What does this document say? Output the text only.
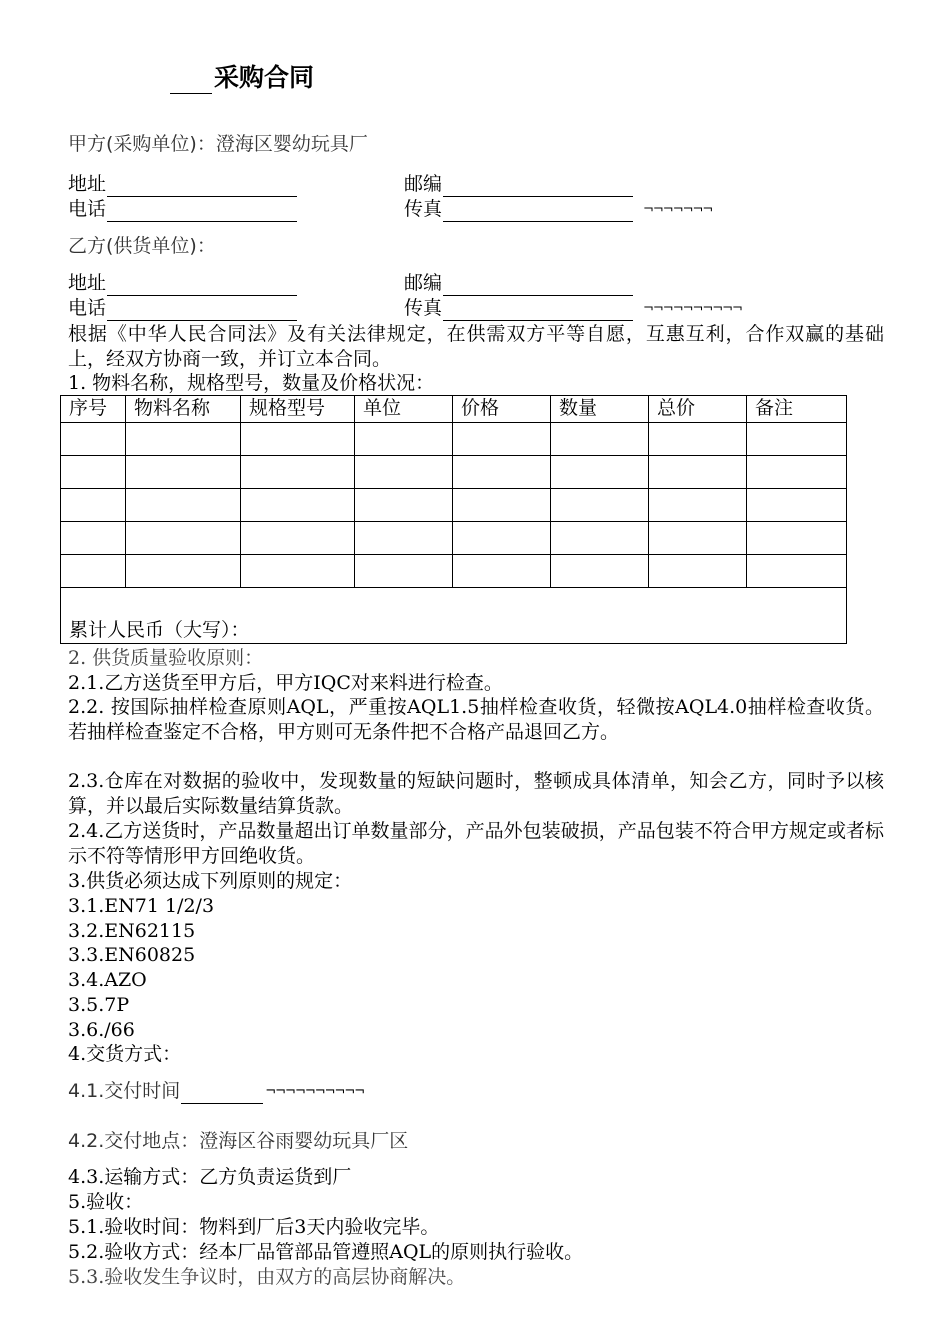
采购合同
甲方(采购单位)：澄海区婴幼玩具厂
地址	邮编
电话	传真	¬¬¬¬¬¬¬
乙方(供货单位)：
地址	邮编
电话	传真	¬¬¬¬¬¬¬¬¬¬
根据《中华人民合同法》及有关法律规定，在供需双方平等自愿，互惠互利，合作双赢的基础上，经双方协商一致，并订立本合同。
1. 物料名称，规格型号，数量及价格状况：
序号	物料名称	规格型号	单位	价格	数量	总价	备注

累计人民币（大写）：							
2. 供货质量验收原则：
2.1.乙方送货至甲方后，甲方IQC对来料进行检查。
2.2. 按国际抽样检查原则AQL，严重按AQL1.5抽样检查收货，轻微按AQL4.0抽样检查收货。若抽样检查鉴定不合格，甲方则可无条件把不合格产品退回乙方。
2.3.仓库在对数据的验收中，发现数量的短缺问题时，整顿成具体清单，知会乙方，同时予以核算，并以最后实际数量结算货款。
2.4.乙方送货时，产品数量超出订单数量部分，产品外包装破损，产品包装不符合甲方规定或者标示不符等情形甲方回绝收货。
3.供货必须达成下列原则的规定：
3.1.EN71 1/2/3
3.2.EN62115
3.3.EN60825
3.4.AZO
3.5.7P
3.6./66
4.交货方式：
4.1.交付时间	¬¬¬¬¬¬¬¬¬¬
4.2.交付地点：澄海区谷雨婴幼玩具厂区
4.3.运输方式：乙方负责运货到厂
5.验收：
5.1.验收时间：物料到厂后3天内验收完毕。
5.2.验收方式：经本厂品管部品管遵照AQL的原则执行验收。
5.3.验收发生争议时，由双方的高层协商解决。
